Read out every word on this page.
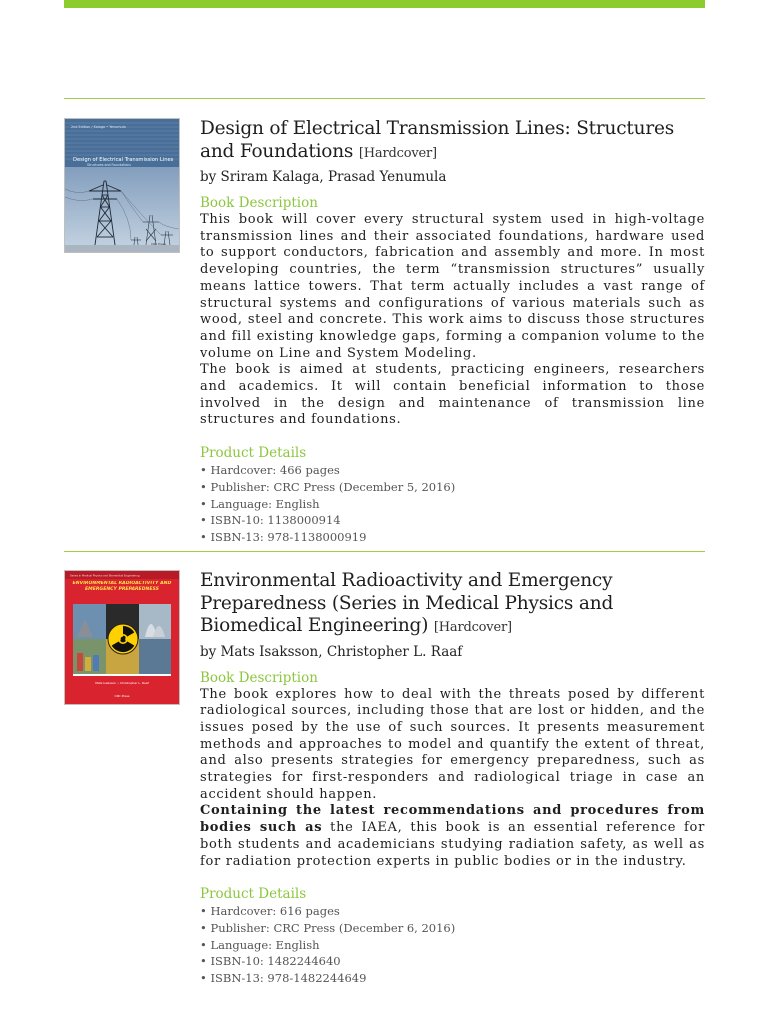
2nd Edition / Kalaga • Yenumula
Design of Electrical Transmission Lines
Structures and Foundations
CRC Press
Design of Electrical Transmission Lines: Structures and Foundations [Hardcover]
by Sriram Kalaga, Prasad Yenumula
Book Description

This book will cover every structural system used in high-voltage transmission lines and their associated foundations, hardware used to support conductors, fabrication and assembly and more. In most developing countries, the term “transmission structures” usually means lattice towers. That term actually includes a vast range of structural systems and configurations of various materials such as wood, steel and concrete. This work aims to discuss those structures and fill existing knowledge gaps, forming a companion volume to the volume on Line and System Modeling.

The book is aimed at students, practicing engineers, researchers and academics. It will contain beneficial information to those involved in the design and maintenance of transmission line structures and foundations.

Product Details
• Hardcover: 466 pages
• Publisher: CRC Press (December 5, 2016)
• Language: English
• ISBN-10: 1138000914
• ISBN-13: 978-1138000919
Series in Medical Physics and Biomedical Engineering
ENVIRONMENTAL RADIOACTIVITY AND EMERGENCY PREPAREDNESS
Mats Isaksson • Christopher L. Raaf
CRC Press
Environmental Radioactivity and Emergency Preparedness (Series in Medical Physics and Biomedical Engineering) [Hardcover]
by Mats Isaksson, Christopher L. Raaf
Book Description

The book explores how to deal with the threats posed by different radiological sources, including those that are lost or hidden, and the issues posed by the use of such sources. It presents measurement methods and approaches to model and quantify the extent of threat, and also presents strategies for emergency preparedness, such as strategies for first-responders and radiological triage in case an accident should happen.

Containing the latest recommendations and procedures from bodies such as the IAEA, this book is an essential reference for both students and academicians studying radiation safety, as well as for radiation protection experts in public bodies or in the industry.

Product Details
• Hardcover: 616 pages
• Publisher: CRC Press (December 6, 2016)
• Language: English
• ISBN-10: 1482244640
• ISBN-13: 978-1482244649
